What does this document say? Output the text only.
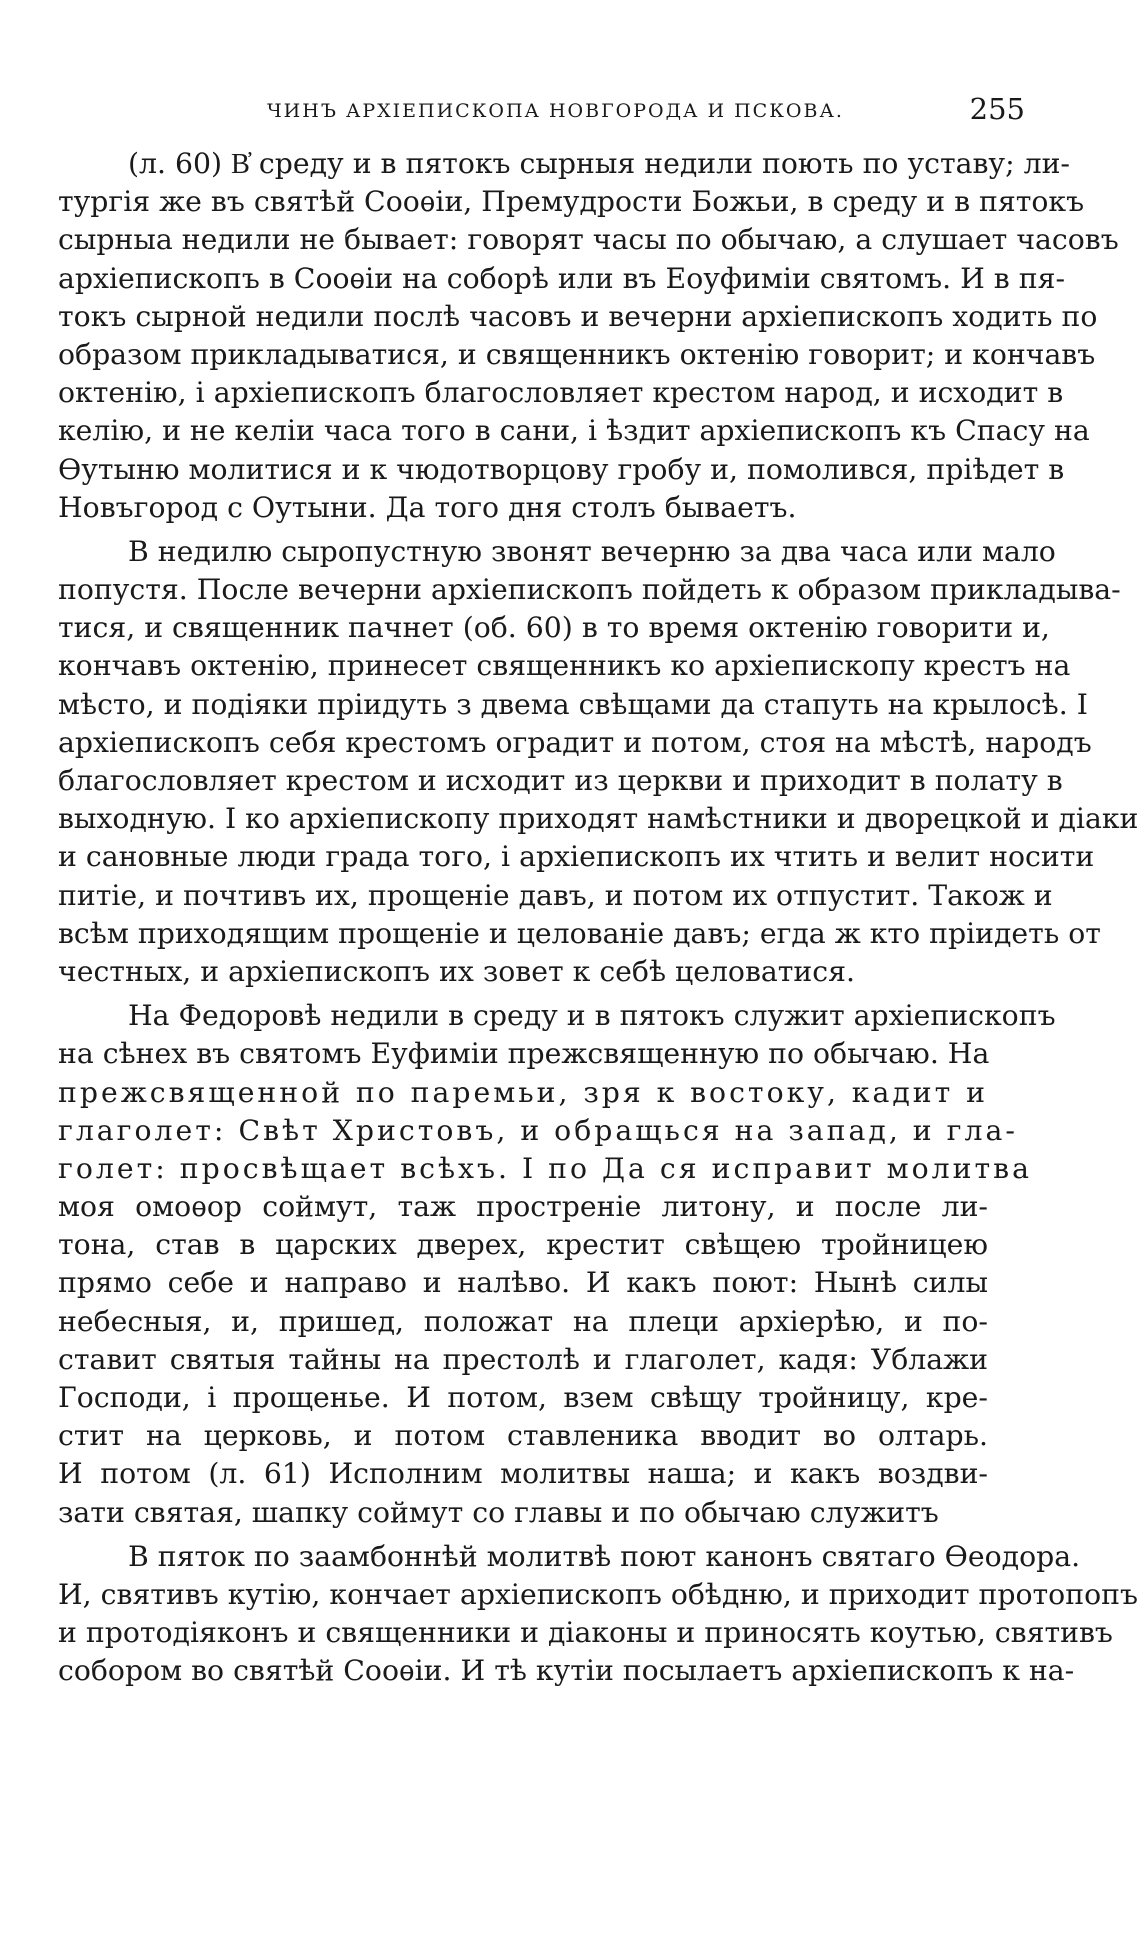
ЧИНЪ АРХІЕПИСКОПА НОВГОРОДА И ПСКОВА.	255
(л. 60) В҆ среду и в пятокъ сырныя недили поють по уставу; ли-
тургія же въ святѣй Сооѳіи, Премудрости Божьи, в среду и в пятокъ
сырныа недили не бывает: говорят часы по обычаю, а слушает часовъ
архіепископъ в Сооѳіи на соборѣ или въ Еоуфиміи святомъ. И в пя-
токъ сырной недили послѣ часовъ и вечерни архіепископъ ходить по
образом прикладыватися, и священникъ октенію говорит; и кончавъ
октенію, і архіепископъ благословляет крестом народ, и исходит в
келію, и не келіи часа того в сани, і ѣздит архіепископъ къ Спасу на
Ѳутыню молитися и к чюдотворцову гробу и, помолився, пріѣдет в
Новъгород с Оутыни. Да того дня столъ бываетъ.
В недилю сыропустную звонят вечерню за два часа или мало
попустя. После вечерни архіепископъ пойдеть к образом прикладыва-
тися, и священник пачнет (об. 60) в то время октенію говорити и,
кончавъ октенію, принесет священникъ ко архіепископу крестъ на
мѣсто, и подіяки пріидуть з двема свѣщами да стапуть на крылосѣ. І
архіепископъ себя крестомъ оградит и потом, стоя на мѣстѣ, народъ
благословляет крестом и исходит из церкви и приходит в полату в
выходную. І ко архіепископу приходят намѣстники и дворецкой и діаки
и сановные люди града того, і архіепископъ их чтить и велит носити
питіе, и почтивъ их, прощеніе давъ, и потом их отпустит. Також и
всѣм приходящим прощеніе и целованіе давъ; егда ж кто пріидеть от
честных, и архіепископъ их зовет к себѣ целоватися.
На Федоровѣ недили в среду и в пятокъ служит архіепископъ
на сѣнех въ святомъ Еуфиміи прежсвященную по обычаю. На
прежсвященной по паремьи, зря к востоку, кадит и
глаголет: Свѣт Христовъ, и обращься на запад, и гла-
голет: просвѣщает всѣхъ. І по Да ся исправит молитва
моя омоѳор соймут, таж простреніе литону, и после ли-
тона, став в царских дверех, крестит свѣщею тройницею
прямо себе и направо и налѣво. И какъ поют: Нынѣ силы
небесныя, и, пришед, положат на плеци архіерѣю, и по-
ставит святыя тайны на престолѣ и глаголет, кадя: Ублажи
Господи, і прощенье. И потом, взем свѣщу тройницу, кре-
стит на церковь, и потом ставленика вводит во олтарь.
И потом (л. 61) Исполним молитвы наша; и какъ воздви-
зати святая, шапку соймут со главы и по обычаю служитъ
В пяток по заамбоннѣй молитвѣ поют канонъ святаго Ѳеодора.
И, святивъ кутію, кончает архіепископъ обѣдню, и приходит протопопъ
и протодіяконъ и священники и діаконы и приносять коутью, святивъ
собором во святѣй Сооѳіи. И тѣ кутіи посылаетъ архіепископъ к на-
